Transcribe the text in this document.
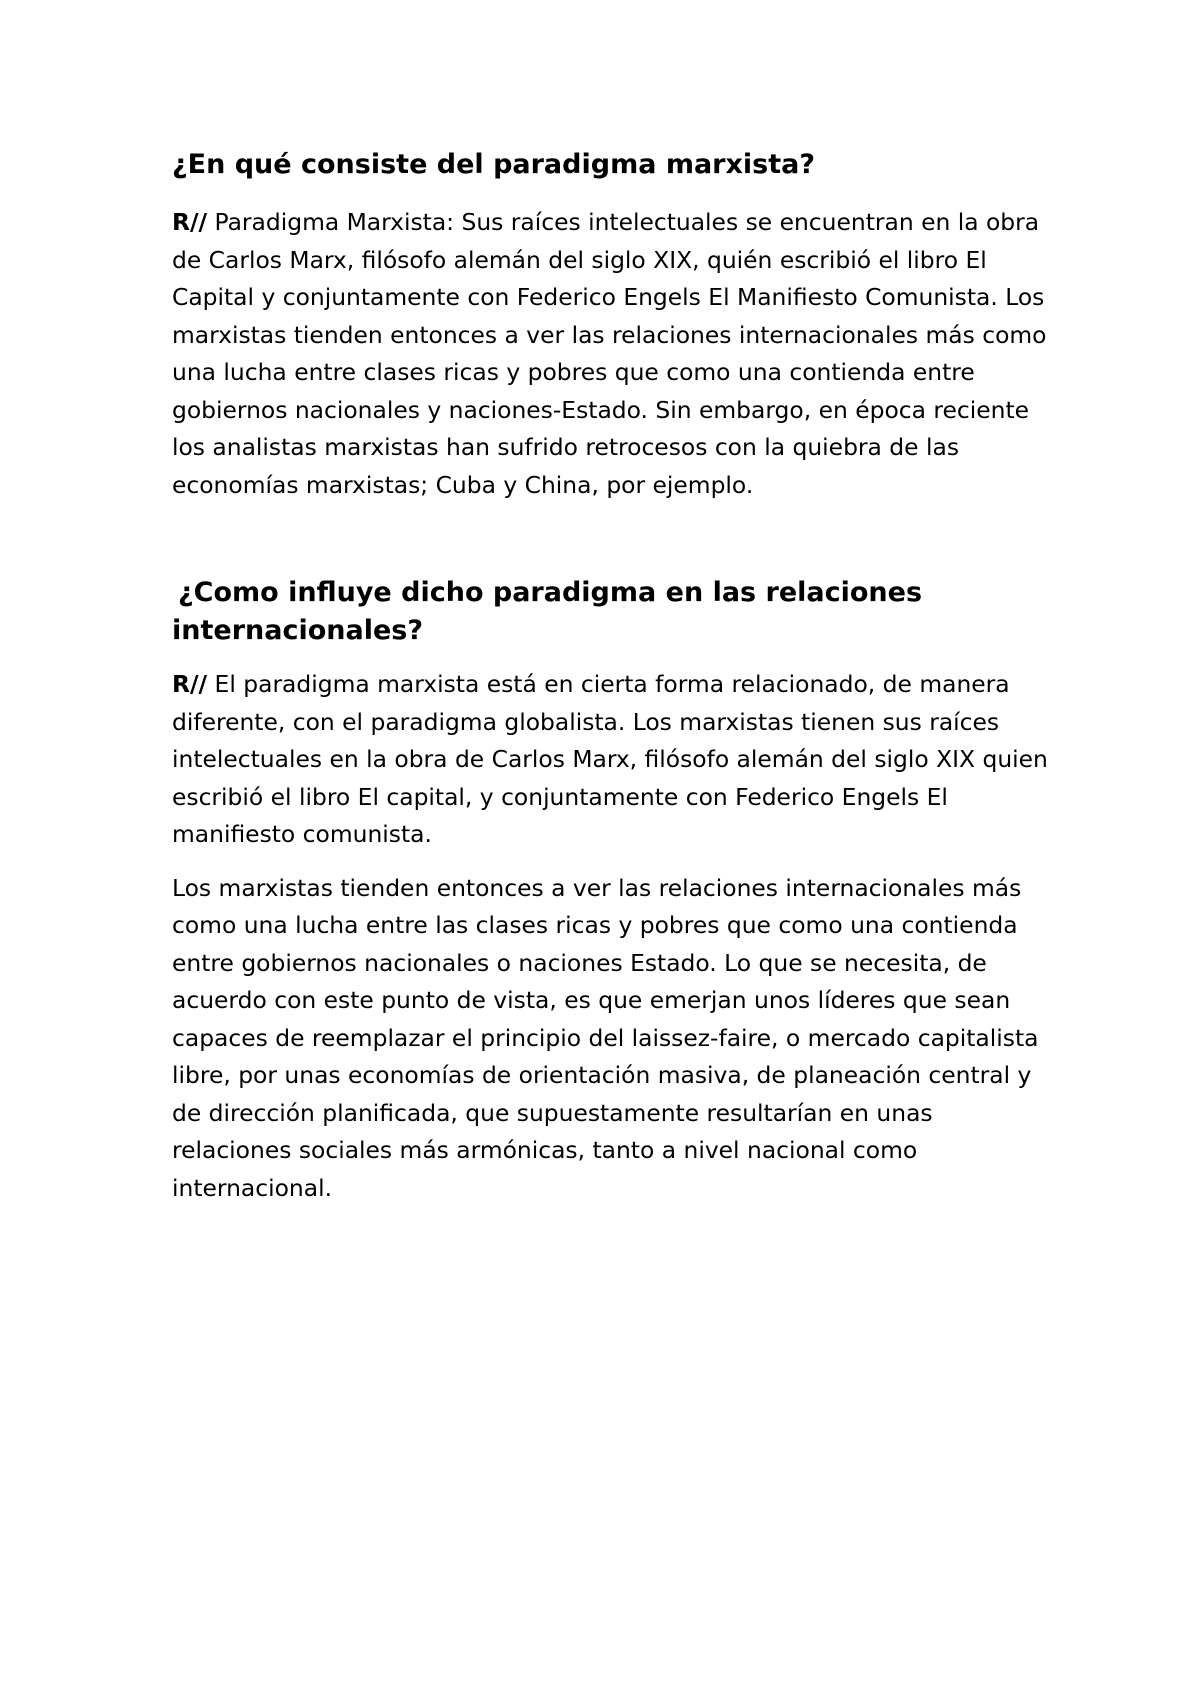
¿En qué consiste del paradigma marxista?

R// Paradigma Marxista: Sus raíces intelectuales se encuentran en la obra
de Carlos Marx, filósofo alemán del siglo XIX, quién escribió el libro El
Capital y conjuntamente con Federico Engels El Manifiesto Comunista. Los
marxistas tienden entonces a ver las relaciones internacionales más como
una lucha entre clases ricas y pobres que como una contienda entre
gobiernos nacionales y naciones-Estado. Sin embargo, en época reciente
los analistas marxistas han sufrido retrocesos con la quiebra de las
economías marxistas; Cuba y China, por ejemplo.

¿Como influye dicho paradigma en las relaciones
internacionales?

R// El paradigma marxista está en cierta forma relacionado, de manera
diferente, con el paradigma globalista. Los marxistas tienen sus raíces
intelectuales en la obra de Carlos Marx, filósofo alemán del siglo XIX quien
escribió el libro El capital, y conjuntamente con Federico Engels El
manifiesto comunista.

Los marxistas tienden entonces a ver las relaciones internacionales más
como una lucha entre las clases ricas y pobres que como una contienda
entre gobiernos nacionales o naciones Estado. Lo que se necesita, de
acuerdo con este punto de vista, es que emerjan unos líderes que sean
capaces de reemplazar el principio del laissez-faire, o mercado capitalista
libre, por unas economías de orientación masiva, de planeación central y
de dirección planificada, que supuestamente resultarían en unas
relaciones sociales más armónicas, tanto a nivel nacional como
internacional.
